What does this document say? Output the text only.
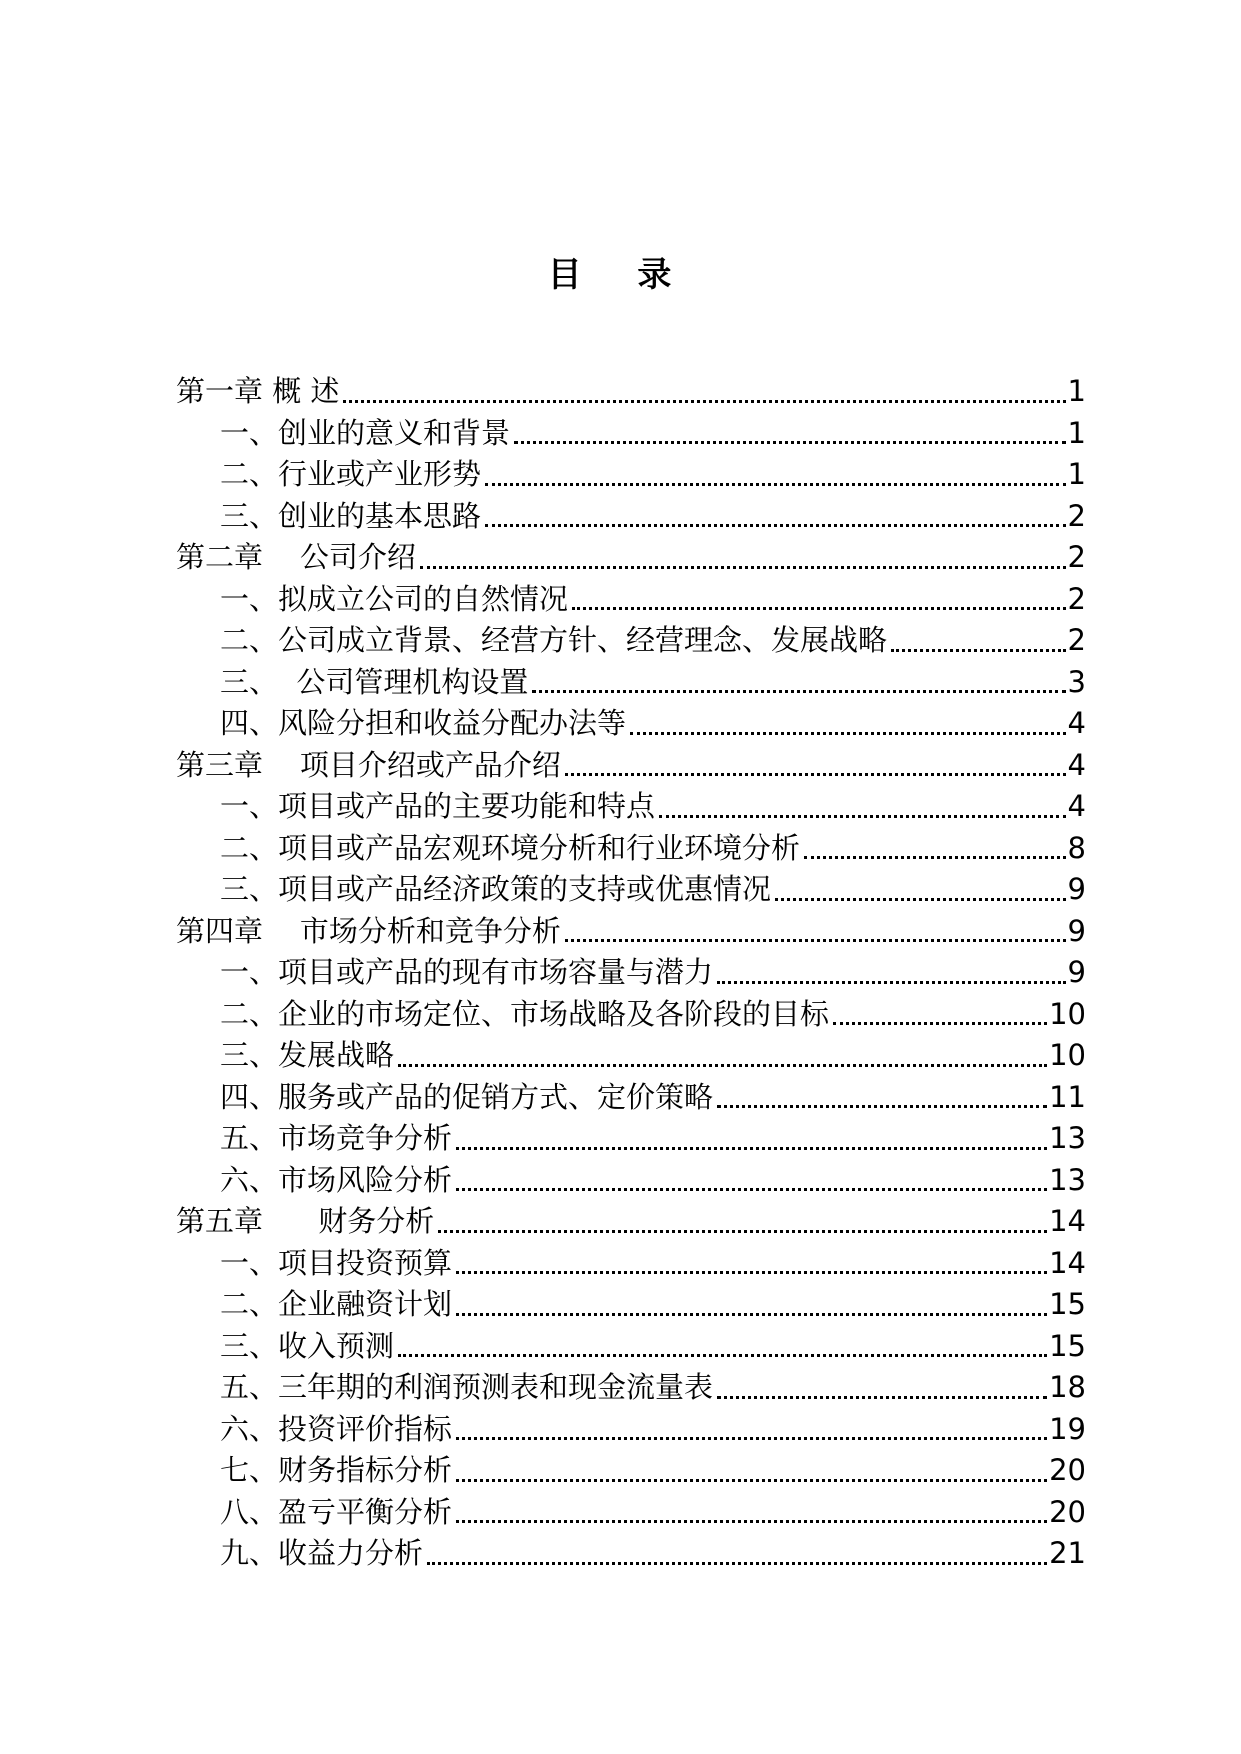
目 录
第一章 概 述	1
一、创业的意义和背景	1
二、行业或产业形势	1
三、创业的基本思路	2
第二章    公司介绍	2
一、拟成立公司的自然情况	2
二、公司成立背景、经营方针、经营理念、发展战略	2
三、  公司管理机构设置	3
四、风险分担和收益分配办法等	4
第三章    项目介绍或产品介绍	4
一、项目或产品的主要功能和特点	4
二、项目或产品宏观环境分析和行业环境分析	8
三、项目或产品经济政策的支持或优惠情况	9
第四章    市场分析和竞争分析	9
一、项目或产品的现有市场容量与潜力	9
二、企业的市场定位、市场战略及各阶段的目标	10
三、发展战略	10
四、服务或产品的促销方式、定价策略	11
五、市场竞争分析	13
六、市场风险分析	13
第五章      财务分析	14
一、项目投资预算	14
二、企业融资计划	15
三、收入预测	15
五、三年期的利润预测表和现金流量表	18
六、投资评价指标	19
七、财务指标分析	20
八、盈亏平衡分析	20
九、收益力分析	21
